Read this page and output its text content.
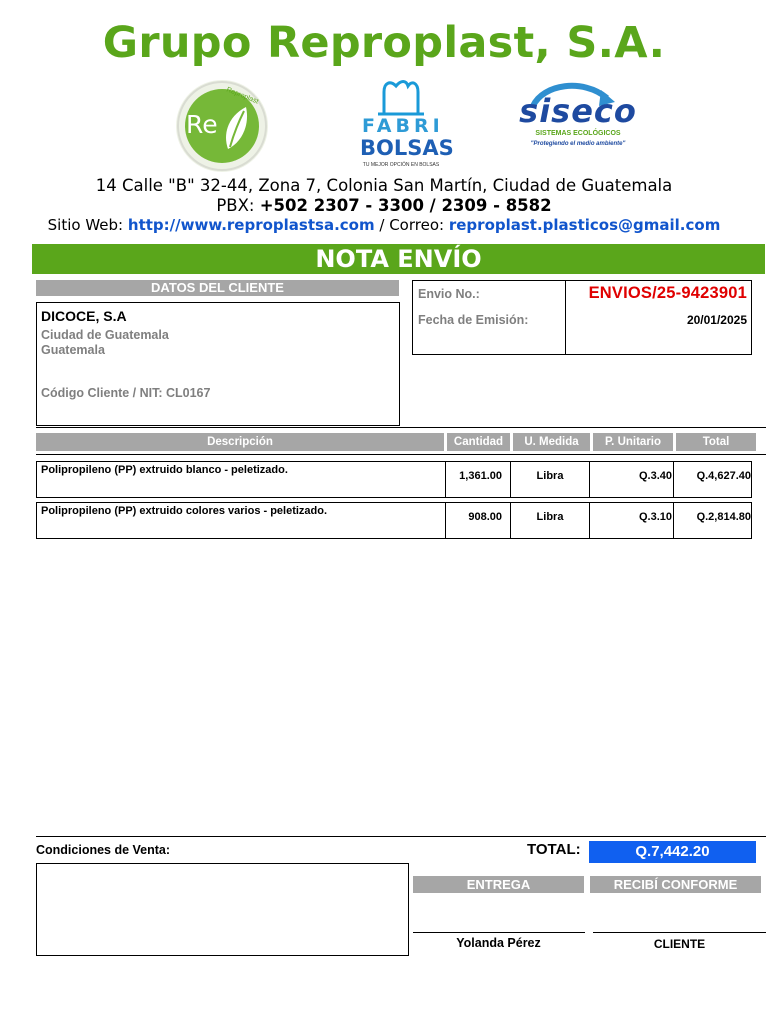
Grupo Reproplast, S.A.
Reproplast
Re	FABRI
BOLSAS
TU MEJOR OPCIÓN EN BOLSAS
siseco
SISTEMAS ECOLÓGICOS
"Protegiendo el medio ambiente"
14 Calle "B" 32-44, Zona 7, Colonia San Martín, Ciudad de Guatemala
PBX: +502 2307 - 3300 / 2309 - 8582
Sitio Web: http://www.reproplastsa.com / Correo: reproplast.plasticos@gmail.com
NOTA ENVÍO
DATOS DEL CLIENTE
DICOCE, S.A
Ciudad de Guatemala
Guatemala
Código Cliente / NIT: CL0167
Envio No.:
Fecha de Emisión:
ENVIOS/25-9423901
20/01/2025
Descripción	Cantidad	U. Medida	P. Unitario	Total
Polipropileno (PP) extruido blanco - peletizado.	1,361.00	Libra	Q.3.40 Q.4,627.40
Polipropileno (PP) extruido colores varios - peletizado.	908.00	Libra	Q.3.10 Q.2,814.80
Condiciones de Venta:	TOTAL:	Q.7,442.20
ENTREGA	RECIBÍ CONFORME
Yolanda Pérez	CLIENTE
